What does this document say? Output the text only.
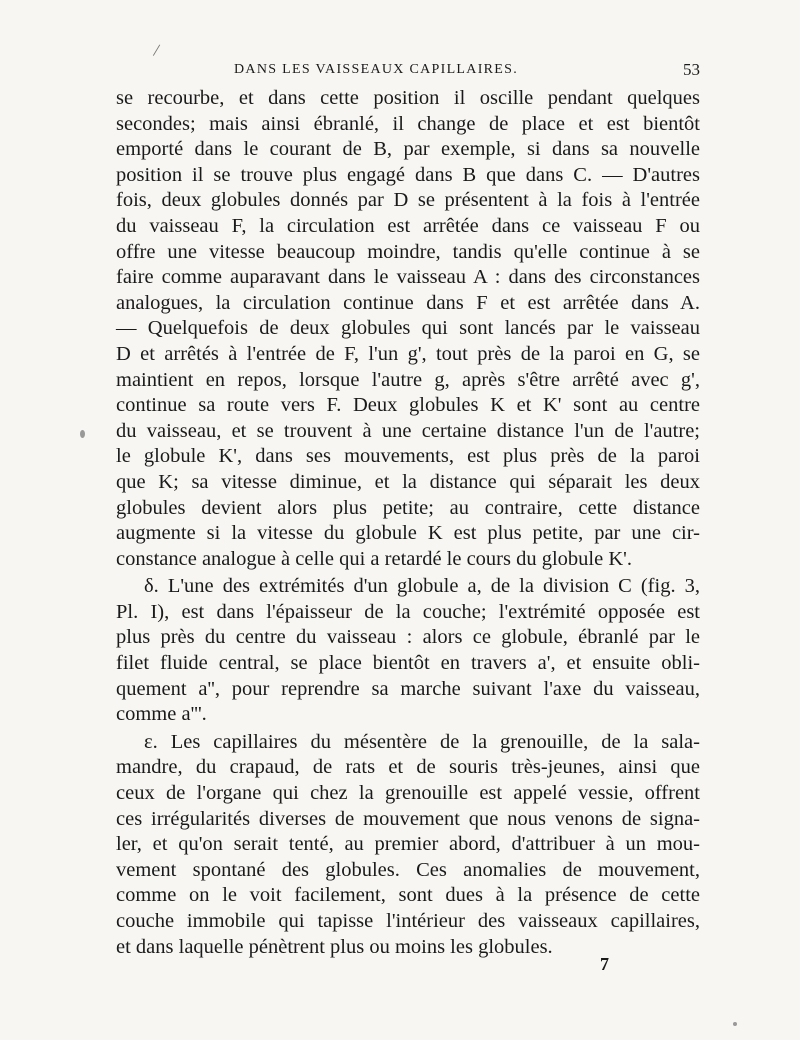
/
DANS LES VAISSEAUX CAPILLAIRES.	53
se recourbe, et dans cette position il oscille pendant quelques
secondes; mais ainsi ébranlé, il change de place et est bientôt
emporté dans le courant de B, par exemple, si dans sa nouvelle
position il se trouve plus engagé dans B que dans C. — D'autres
fois, deux globules donnés par D se présentent à la fois à l'entrée
du vaisseau F, la circulation est arrêtée dans ce vaisseau F ou
offre une vitesse beaucoup moindre, tandis qu'elle continue à se
faire comme auparavant dans le vaisseau A : dans des circonstances
analogues, la circulation continue dans F et est arrêtée dans A.
— Quelquefois de deux globules qui sont lancés par le vaisseau
D et arrêtés à l'entrée de F, l'un g', tout près de la paroi en G, se
maintient en repos, lorsque l'autre g, après s'être arrêté avec g',
continue sa route vers F. Deux globules K et K' sont au centre
du vaisseau, et se trouvent à une certaine distance l'un de l'autre;
le globule K', dans ses mouvements, est plus près de la paroi
que K; sa vitesse diminue, et la distance qui séparait les deux
globules devient alors plus petite; au contraire, cette distance
augmente si la vitesse du globule K est plus petite, par une cir-
constance analogue à celle qui a retardé le cours du globule K'.
δ. L'une des extrémités d'un globule a, de la division C (fig. 3,
Pl. I), est dans l'épaisseur de la couche; l'extrémité opposée est
plus près du centre du vaisseau : alors ce globule, ébranlé par le
filet fluide central, se place bientôt en travers a', et ensuite obli-
quement a'', pour reprendre sa marche suivant l'axe du vaisseau,
comme a'''.
ε. Les capillaires du mésentère de la grenouille, de la sala-
mandre, du crapaud, de rats et de souris très-jeunes, ainsi que
ceux de l'organe qui chez la grenouille est appelé vessie, offrent
ces irrégularités diverses de mouvement que nous venons de signa-
ler, et qu'on serait tenté, au premier abord, d'attribuer à un mou-
vement spontané des globules. Ces anomalies de mouvement,
comme on le voit facilement, sont dues à la présence de cette
couche immobile qui tapisse l'intérieur des vaisseaux capillaires,
et dans laquelle pénètrent plus ou moins les globules.
7
